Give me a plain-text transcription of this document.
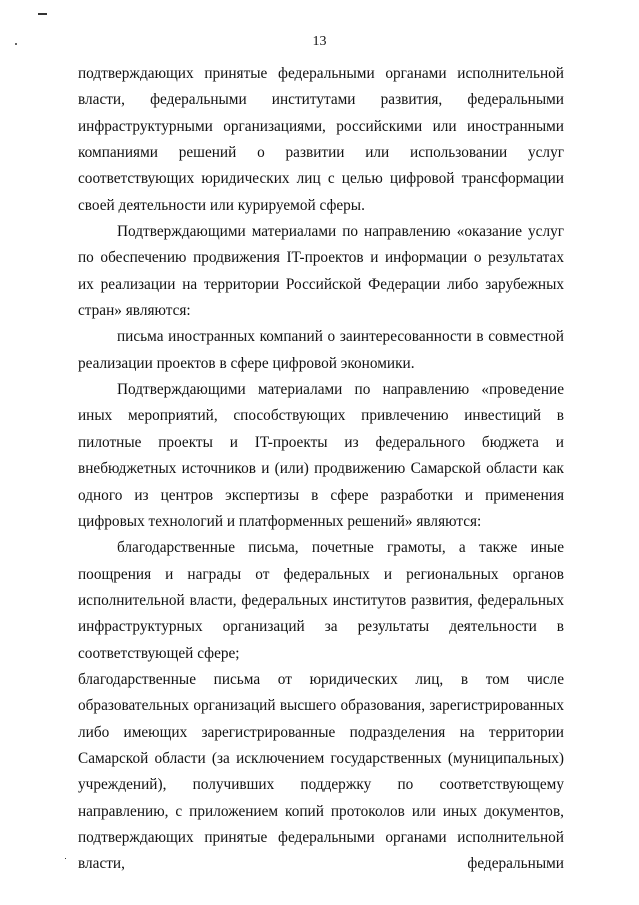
13

подтверждающих принятые федеральными органами исполнительной власти, федеральными институтами развития, федеральными инфраструктурными организациями, российскими или иностранными компаниями решений о развитии или использовании услуг соответствующих юридических лиц с целью цифровой трансформации своей деятельности или курируемой сферы.

Подтверждающими материалами по направлению «оказание услуг по обеспечению продвижения IT-проектов и информации о результатах их реализации на территории Российской Федерации либо зарубежных стран» являются:

письма иностранных компаний о заинтересованности в совместной реализации проектов в сфере цифровой экономики.

Подтверждающими материалами по направлению «проведение иных мероприятий, способствующих привлечению инвестиций в пилотные проекты и IT-проекты из федерального бюджета и внебюджетных источников и (или) продвижению Самарской области как одного из центров экспертизы в сфере разработки и применения цифровых технологий и платформенных решений» являются:

благодарственные письма, почетные грамоты, а также иные поощрения и награды от федеральных и региональных органов исполнительной власти, федеральных институтов развития, федеральных инфраструктурных организаций за результаты деятельности в соответствующей сфере;

благодарственные письма от юридических лиц, в том числе образовательных организаций высшего образования, зарегистрированных либо имеющих зарегистрированные подразделения на территории Самарской области (за исключением государственных (муниципальных) учреждений), получивших поддержку по соответствующему направлению, с приложением копий протоколов или иных документов, подтверждающих принятые федеральными органами исполнительной власти, федеральными
